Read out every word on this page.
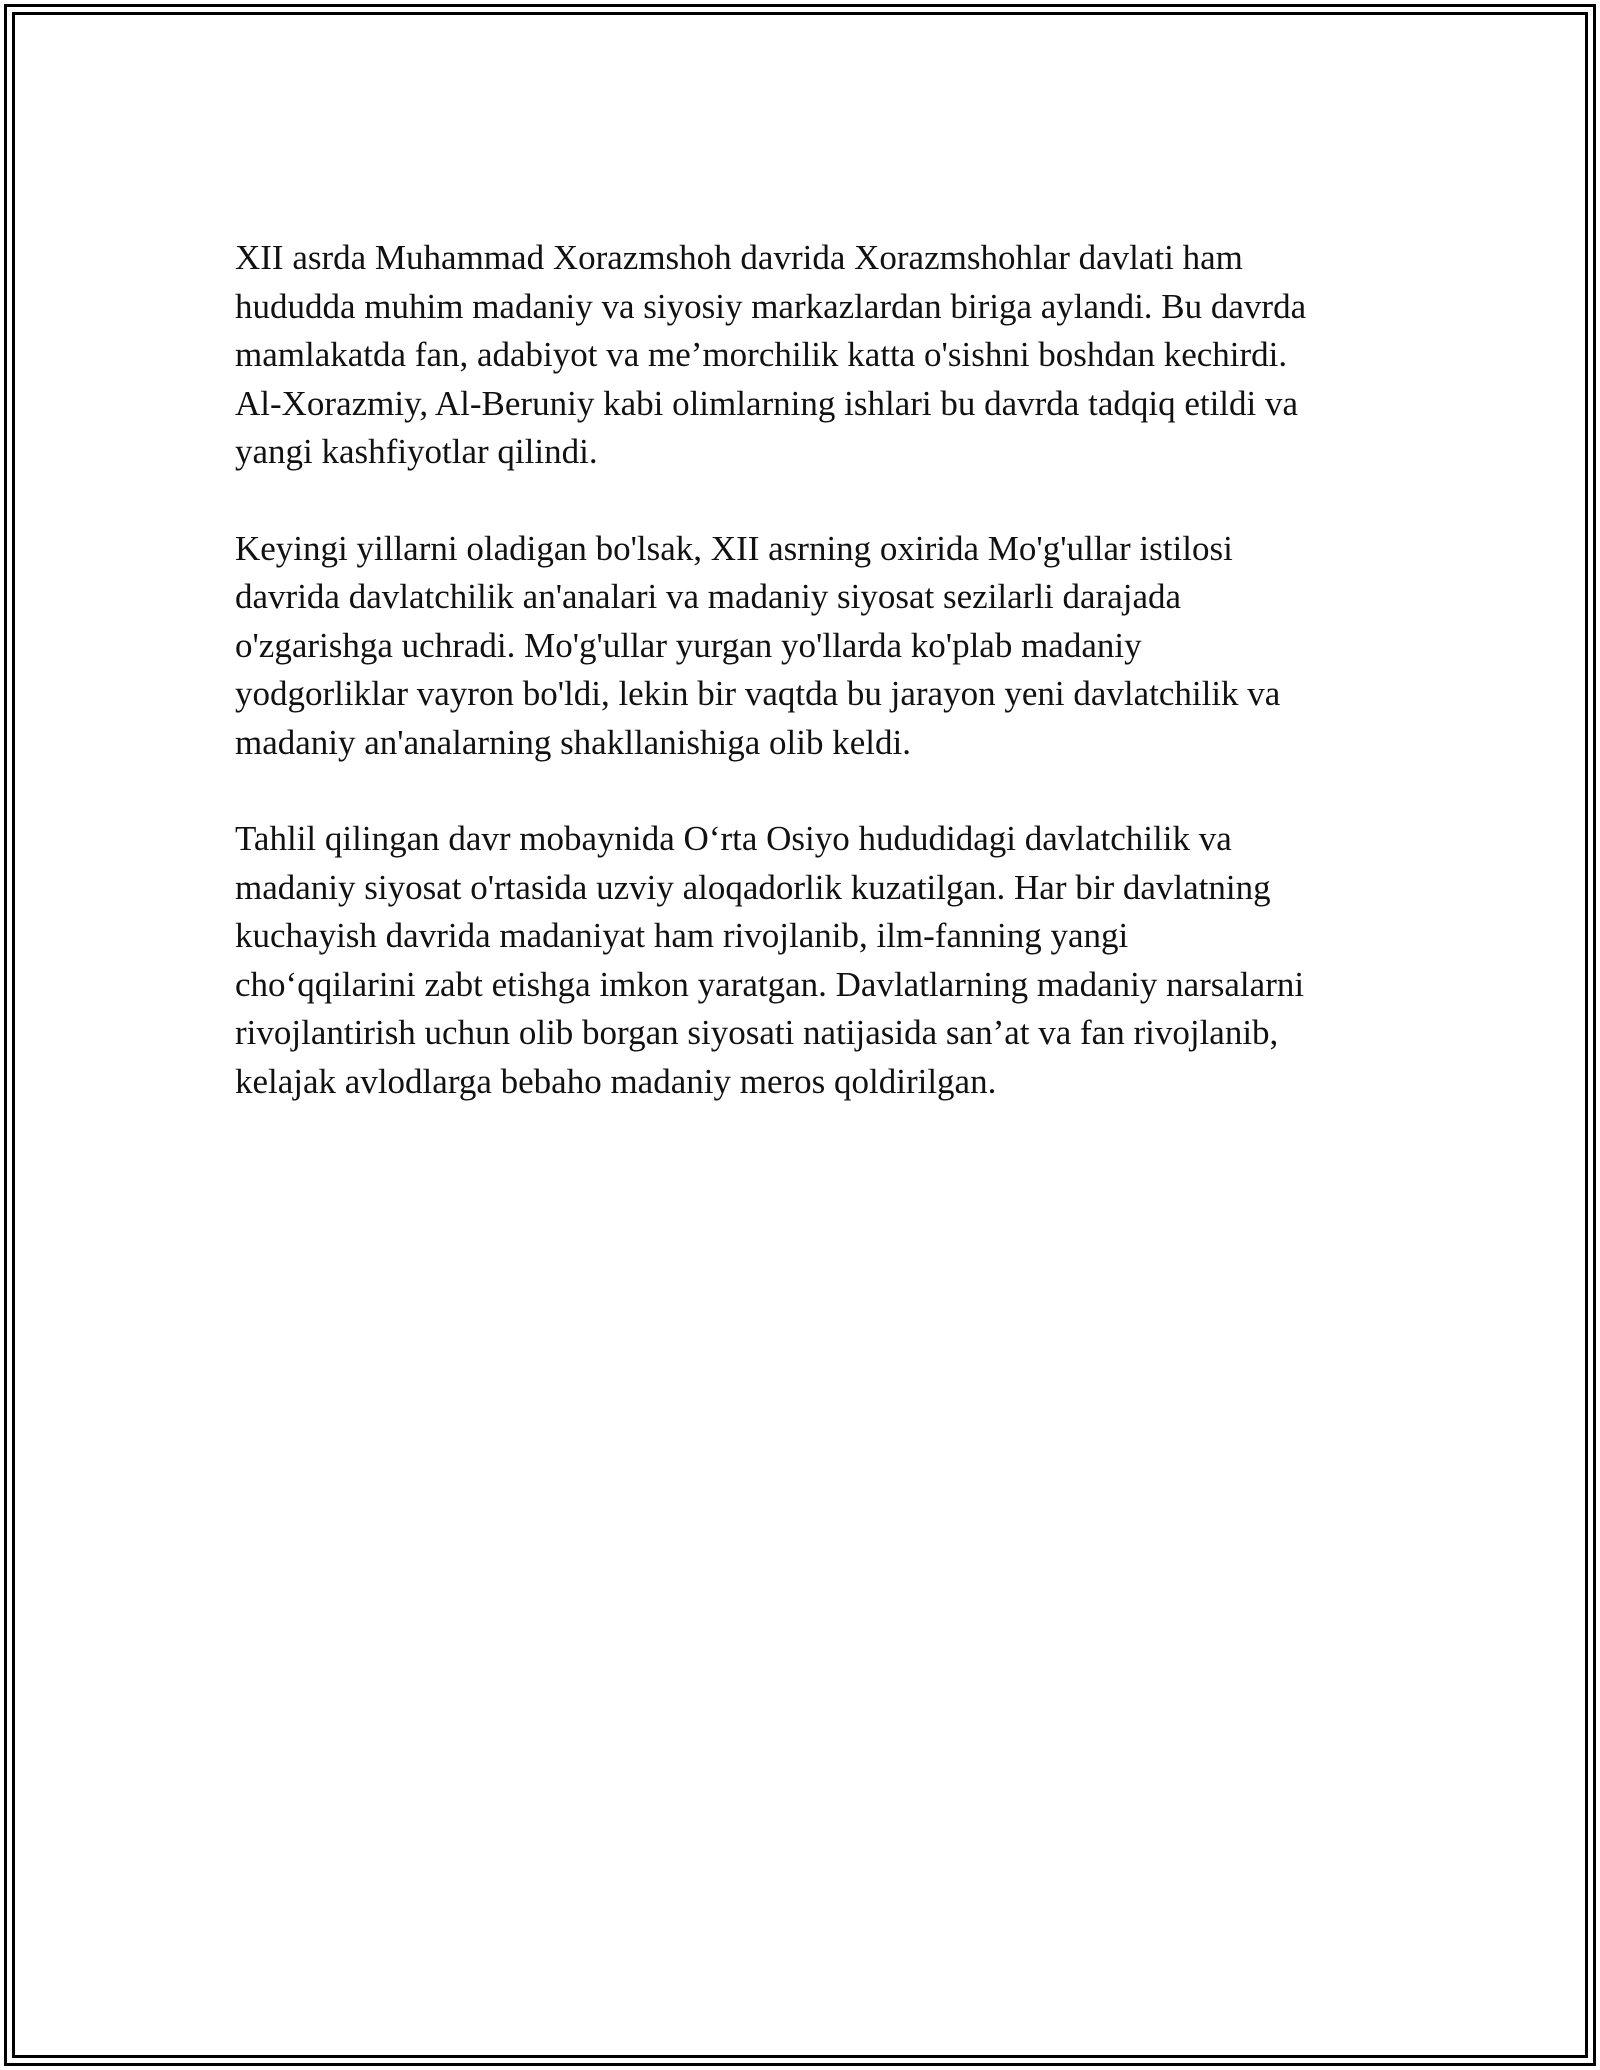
XII asrda Muhammad Xorazmshoh davrida Xorazmshohlar davlati ham
hududda muhim madaniy va siyosiy markazlardan biriga aylandi. Bu davrda
mamlakatda fan, adabiyot va me’morchilik katta o'sishni boshdan kechirdi.
Al-Xorazmiy, Al-Beruniy kabi olimlarning ishlari bu davrda tadqiq etildi va
yangi kashfiyotlar qilindi.

Keyingi yillarni oladigan bo'lsak, XII asrning oxirida Mo'g'ullar istilosi
davrida davlatchilik an'analari va madaniy siyosat sezilarli darajada
o'zgarishga uchradi. Mo'g'ullar yurgan yo'llarda ko'plab madaniy
yodgorliklar vayron bo'ldi, lekin bir vaqtda bu jarayon yeni davlatchilik va
madaniy an'analarning shakllanishiga olib keldi.

Tahlil qilingan davr mobaynida O‘rta Osiyo hududidagi davlatchilik va
madaniy siyosat o'rtasida uzviy aloqadorlik kuzatilgan. Har bir davlatning
kuchayish davrida madaniyat ham rivojlanib, ilm-fanning yangi
cho‘qqilarini zabt etishga imkon yaratgan. Davlatlarning madaniy narsalarni
rivojlantirish uchun olib borgan siyosati natijasida san’at va fan rivojlanib,
kelajak avlodlarga bebaho madaniy meros qoldirilgan.
